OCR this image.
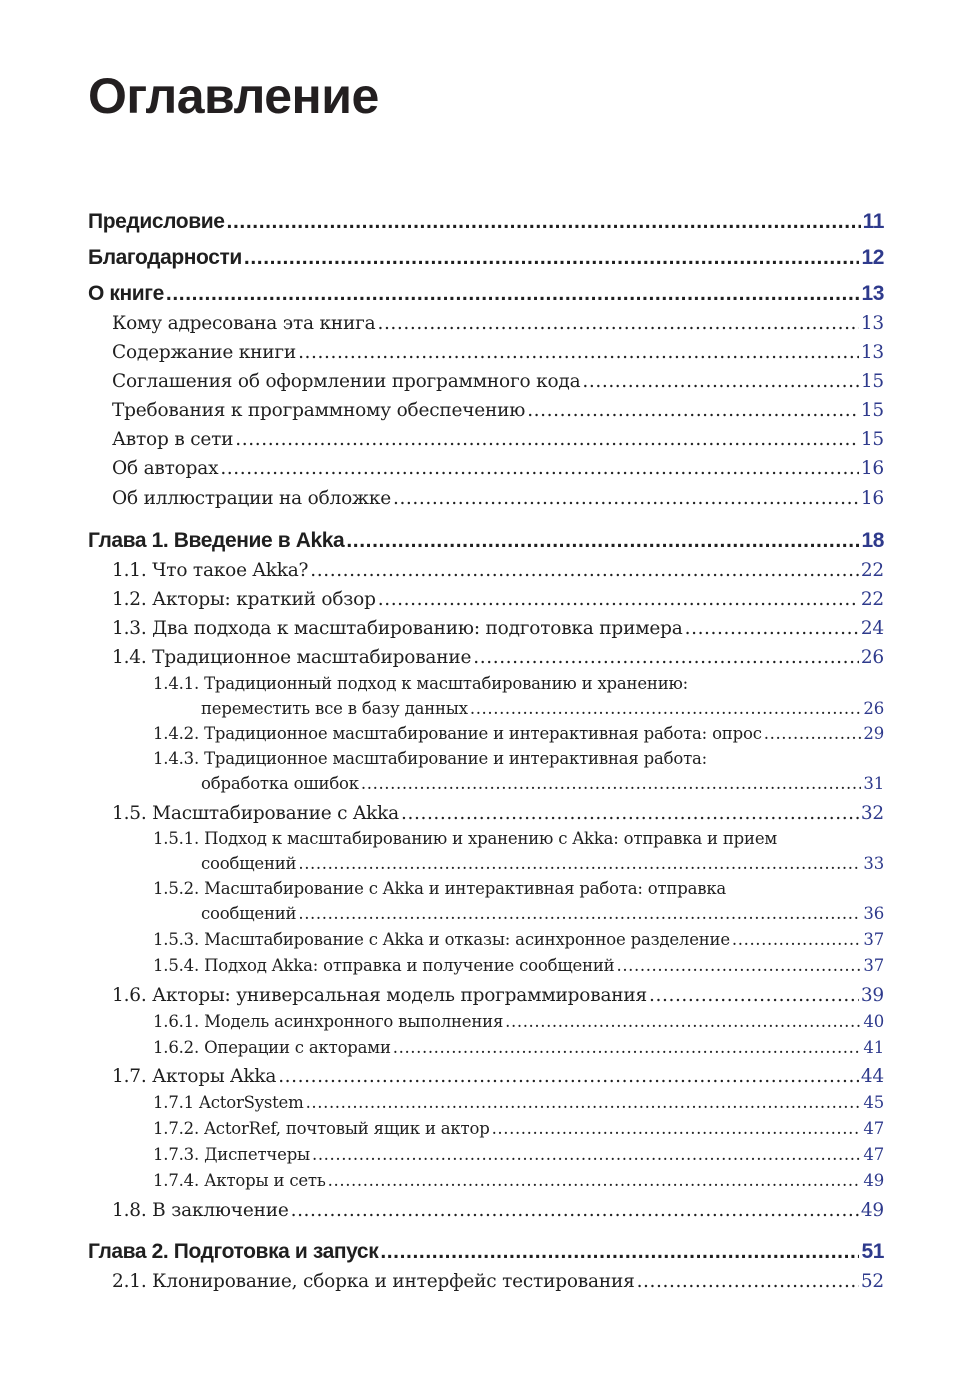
Оглавление
Предисловие .....	11
Благодарности .....	12
О книге .....	13
Кому адресована эта книга .....	13
Содержание книги .....	13
Соглашения об оформлении программного кода .....	15
Требования к программному обеспечению .....	15
Автор в сети .....	15
Об авторах .....	16
Об иллюстрации на обложке .....	16
Глава 1. Введение в Akka .....	18
1.1. Что такое Akka? .....	22
1.2. Акторы: краткий обзор .....	22
1.3. Два подхода к масштабированию: подготовка примера .....	24
1.4. Традиционное масштабирование .....	26
1.4.1. Традиционный подход к масштабированию и хранению:
переместить все в базу данных .....	26
1.4.2. Традиционное масштабирование и интерактивная работа: опрос .....	29
1.4.3. Традиционное масштабирование и интерактивная работа:
обработка ошибок .....	31
1.5. Масштабирование с Akka .....	32
1.5.1. Подход к масштабированию и хранению с Akka: отправка и прием
сообщений .....	33
1.5.2. Масштабирование с Akka и интерактивная работа: отправка
сообщений .....	36
1.5.3. Масштабирование с Akka и отказы: асинхронное разделение .....	37
1.5.4. Подход Akka: отправка и получение сообщений .....	37
1.6. Акторы: универсальная модель программирования .....	39
1.6.1. Модель асинхронного выполнения .....	40
1.6.2. Операции с акторами .....	41
1.7. Акторы Akka .....	44
1.7.1 ActorSystem .....	45
1.7.2. ActorRef, почтовый ящик и актор .....	47
1.7.3. Диспетчеры .....	47
1.7.4. Акторы и сеть .....	49
1.8. В заключение .....	49
Глава 2. Подготовка и запуск .....	51
2.1. Клонирование, сборка и интерфейс тестирования .....	52
